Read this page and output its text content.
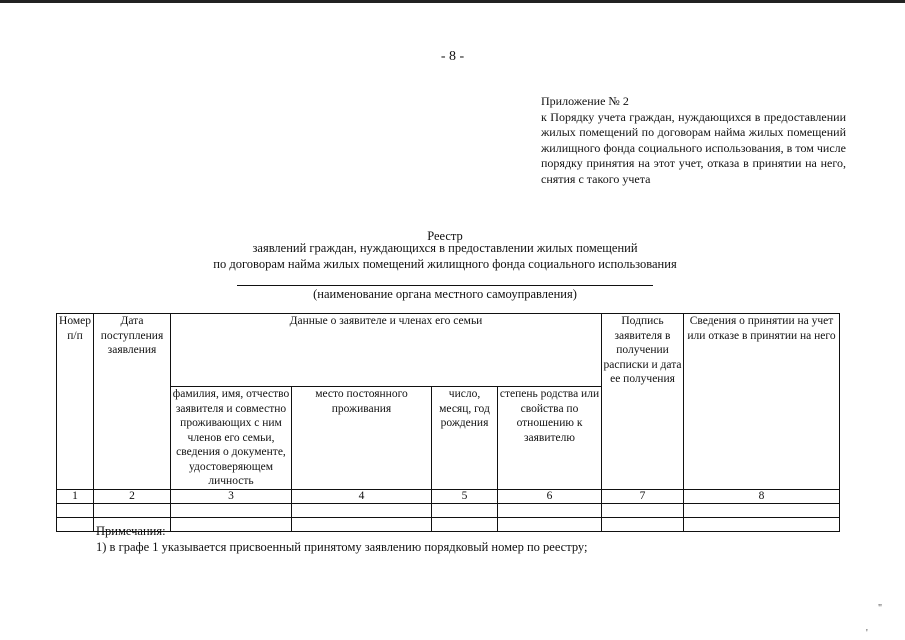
- 8 -

Приложение № 2

к Порядку учета граждан, нуждающихся в предоставлении жилых помещений по договорам найма жилых помещений жилищного фонда социального использования, в том числе порядку принятия на этот учет, отказа в принятии на него, снятия с такого учета

Реестр
заявлений граждан, нуждающихся в предоставлении жилых помещений
по договорам найма жилых помещений жилищного фонда социального использования
(наименование органа местного самоуправления)
Номер п/п	Дата поступления заявления	Данные о заявителе и членах его семьи				Подпись заявителя в получении расписки и дата ее получения	Сведения о принятии на учет или отказе в принятии на него
		фамилия, имя, отчество заявителя и совместно проживающих с ним членов его семьи, сведения о документе, удостоверяющем личность	место постоянного проживания	число, месяц, год рождения	степень родства или свойства по отношению к заявителю		
1	2	3	4	5	6	7	8

Примечания:

1) в графе 1 указывается присвоенный принятому заявлению порядковый номер по реестру;

"
'
